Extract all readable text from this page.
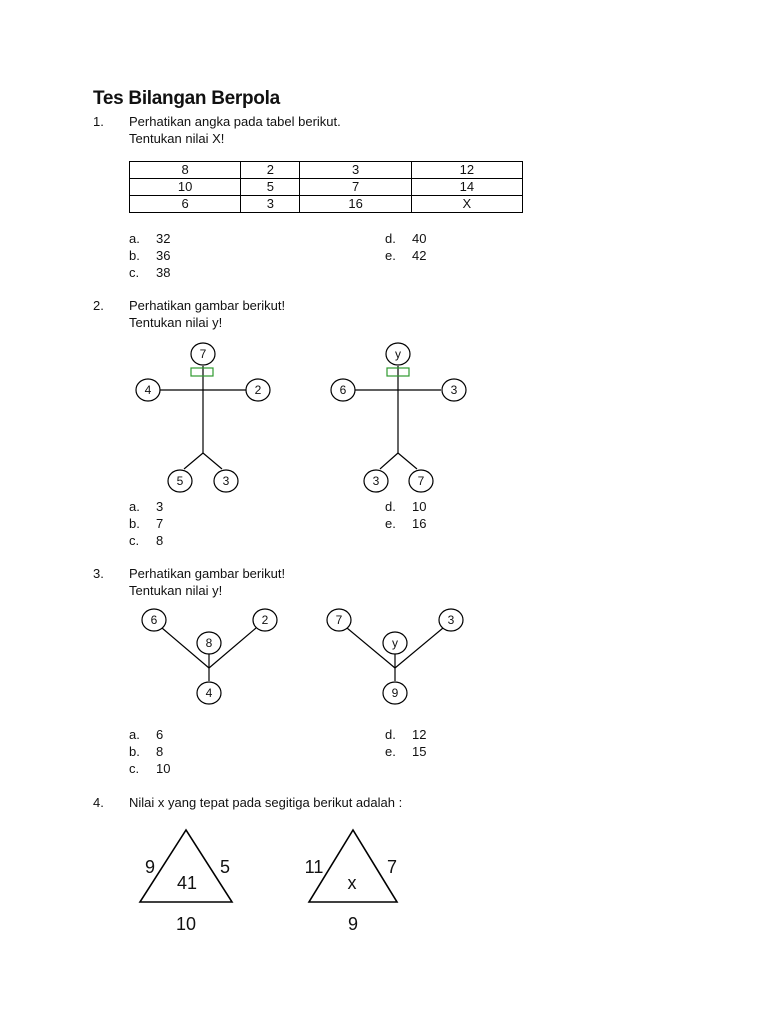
Tes Bilangan Berpola
1. Perhatikan angka pada tabel berikut.
Tentukan nilai X!
8	2	3	12
10	5	7	14
6	3	16	X
a. 32
b. 36
c. 38
d. 40
e. 42
2. Perhatikan gambar berikut!
Tentukan nilai y!
a. 3
b. 7
c. 8
d. 10
e. 16
3. Perhatikan gambar berikut!
Tentukan nilai y!
a. 6
b. 8
c. 10
d. 12
e. 15
4. Nilai x yang tepat pada segitiga berikut adalah :
7
4	2
5	3
y
6	3
3	7
6	2
8
4
7	3
y
9
9	5
41
10
11	7
x
9
